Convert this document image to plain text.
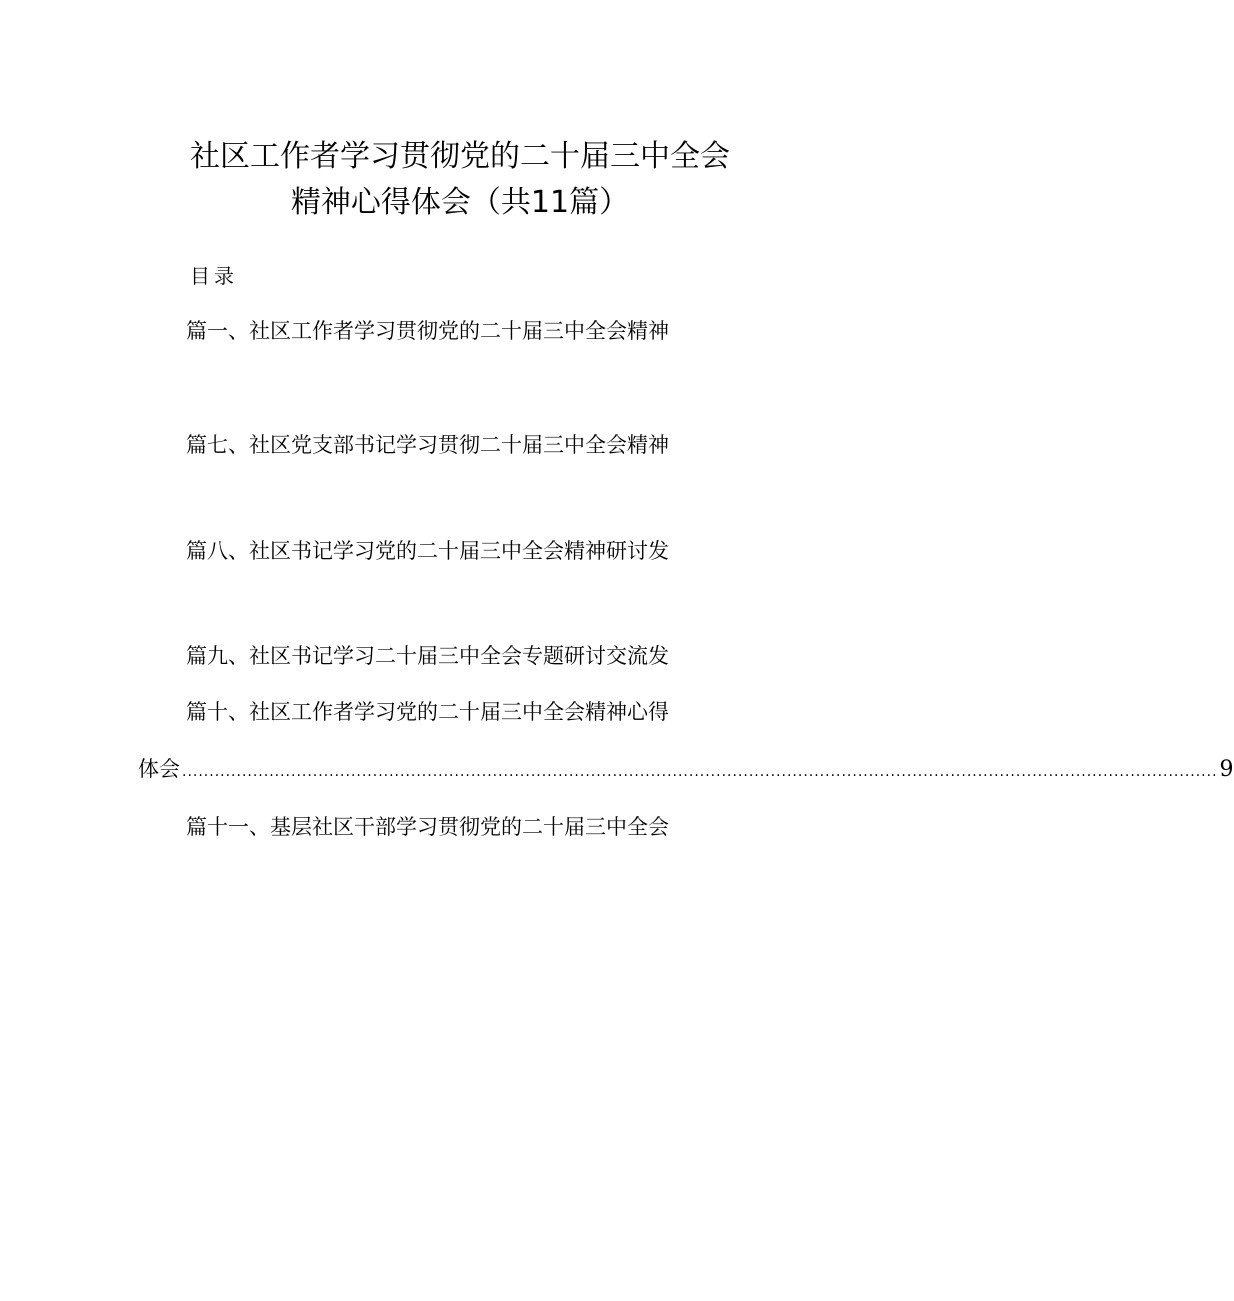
社区工作者学习贯彻党的二十届三中全会
精神心得体会（共11篇）
目录
篇一、社区工作者学习贯彻党的二十届三中全会精神
篇七、社区党支部书记学习贯彻二十届三中全会精神
篇八、社区书记学习党的二十届三中全会精神研讨发
篇九、社区书记学习二十届三中全会专题研讨交流发
篇十、社区工作者学习党的二十届三中全会精神心得
体会 .............................................................................................................................................................................................. 9
篇十一、基层社区干部学习贯彻党的二十届三中全会
